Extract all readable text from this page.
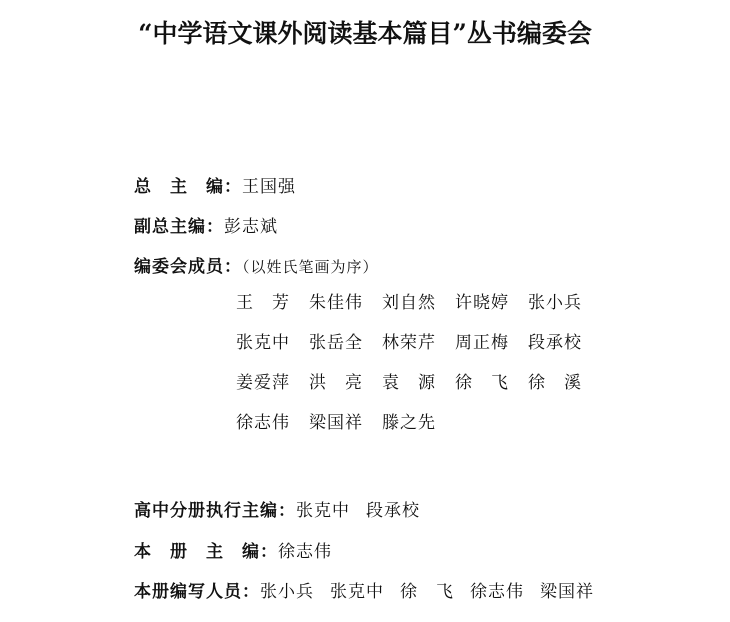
“中学语文课外阅读基本篇目”丛书编委会
总　主　编：王国强
副总主编：彭志斌
编委会成员：（以姓氏笔画为序）
王　芳 朱佳伟 刘自然 许晓婷 张小兵
张克中 张岳全 林荣芹 周正梅 段承校
姜爱萍 洪　亮 袁　源 徐　飞 徐　溪
徐志伟 梁国祥 滕之先
高中分册执行主编：张克中 段承校
本　册　主　编：徐志伟
本册编写人员：张小兵 张克中 徐　飞 徐志伟 梁国祥
